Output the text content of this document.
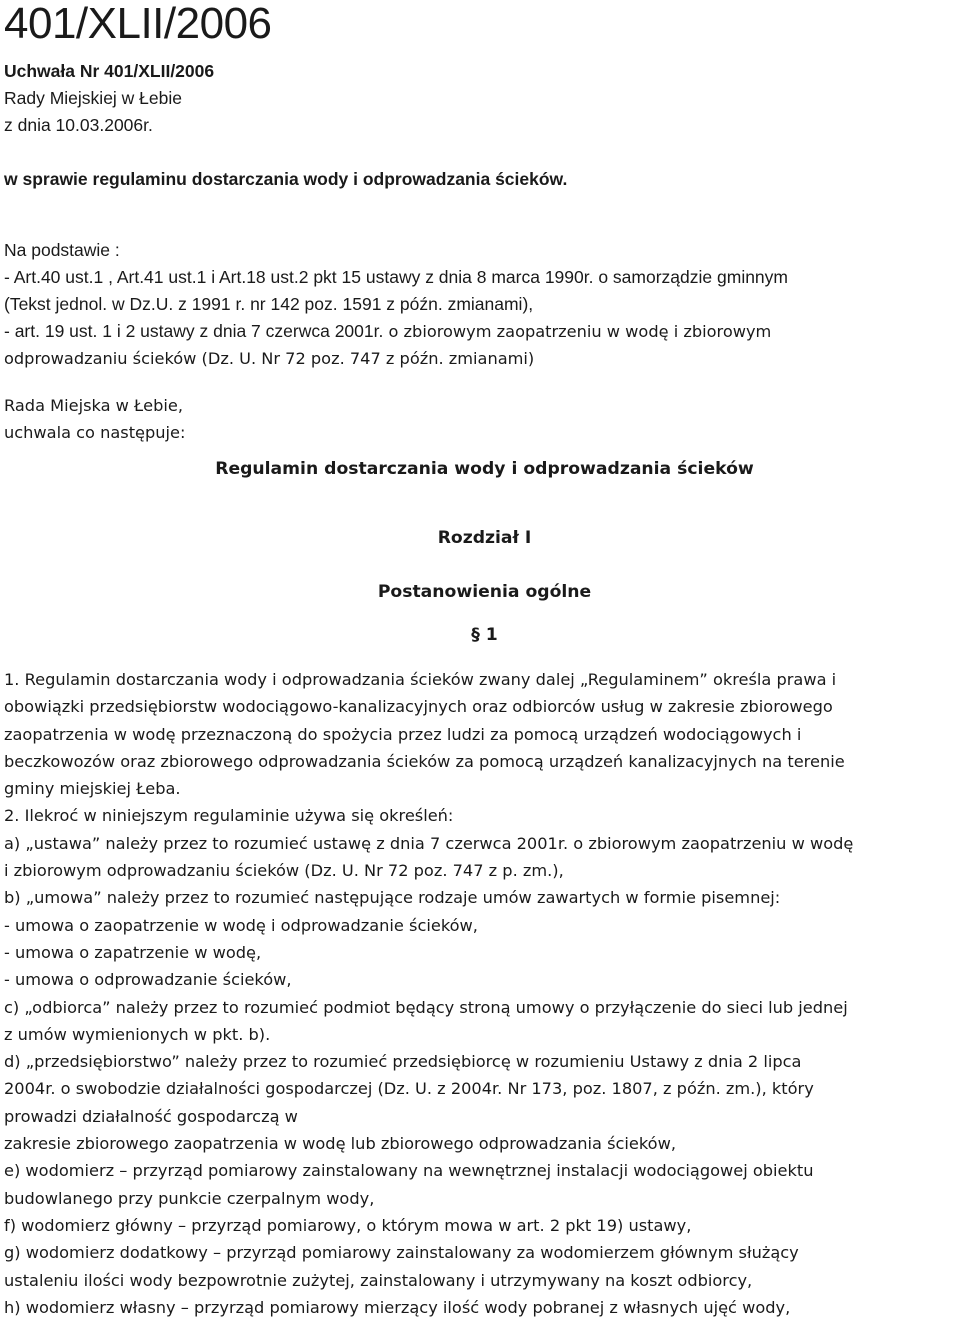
401/XLII/2006
Uchwała Nr 401/XLII/2006
Rady Miejskiej w Łebie
z dnia 10.03.2006r.
w sprawie regulaminu dostarczania wody i odprowadzania ścieków.
Na podstawie :
- Art.40 ust.1 , Art.41 ust.1 i Art.18 ust.2 pkt 15 ustawy z dnia 8 marca 1990r. o samorządzie gminnym
(Tekst jednol. w Dz.U. z 1991 r. nr 142 poz. 1591 z późn. zmianami),
- art. 19 ust. 1 i 2 ustawy z dnia 7 czerwca 2001r. o zbiorowym zaopatrzeniu w wodę i zbiorowym
odprowadzaniu ścieków (Dz. U. Nr 72 poz. 747 z późn. zmianami)
Rada Miejska w Łebie,
uchwala co następuje:
Regulamin dostarczania wody i odprowadzania ścieków
Rozdział I
Postanowienia ogólne
§ 1
1. Regulamin dostarczania wody i odprowadzania ścieków zwany dalej „Regulaminem” określa prawa i
obowiązki przedsiębiorstw wodociągowo-kanalizacyjnych oraz odbiorców usług w zakresie zbiorowego
zaopatrzenia w wodę przeznaczoną do spożycia przez ludzi za pomocą urządzeń wodociągowych i
beczkowozów oraz zbiorowego odprowadzania ścieków za pomocą urządzeń kanalizacyjnych na terenie
gminy miejskiej Łeba.
2. Ilekroć w niniejszym regulaminie używa się określeń:
a) „ustawa” należy przez to rozumieć ustawę z dnia 7 czerwca 2001r. o zbiorowym zaopatrzeniu w wodę
i zbiorowym odprowadzaniu ścieków (Dz. U. Nr 72 poz. 747 z p. zm.),
b) „umowa” należy przez to rozumieć następujące rodzaje umów zawartych w formie pisemnej:
- umowa o zaopatrzenie w wodę i odprowadzanie ścieków,
- umowa o zapatrzenie w wodę,
- umowa o odprowadzanie ścieków,
c) „odbiorca” należy przez to rozumieć podmiot będący stroną umowy o przyłączenie do sieci lub jednej
z umów wymienionych w pkt. b).
d) „przedsiębiorstwo” należy przez to rozumieć przedsiębiorcę w rozumieniu Ustawy z dnia 2 lipca
2004r. o swobodzie działalności gospodarczej (Dz. U. z 2004r. Nr 173, poz. 1807, z późn. zm.), który
prowadzi działalność gospodarczą w
zakresie zbiorowego zaopatrzenia w wodę lub zbiorowego odprowadzania ścieków,
e) wodomierz – przyrząd pomiarowy zainstalowany na wewnętrznej instalacji wodociągowej obiektu
budowlanego przy punkcie czerpalnym wody,
f) wodomierz główny – przyrząd pomiarowy, o którym mowa w art. 2 pkt 19) ustawy,
g) wodomierz dodatkowy – przyrząd pomiarowy zainstalowany za wodomierzem głównym służący
ustaleniu ilości wody bezpowrotnie zużytej, zainstalowany i utrzymywany na koszt odbiorcy,
h) wodomierz własny – przyrząd pomiarowy mierzący ilość wody pobranej z własnych ujęć wody,
